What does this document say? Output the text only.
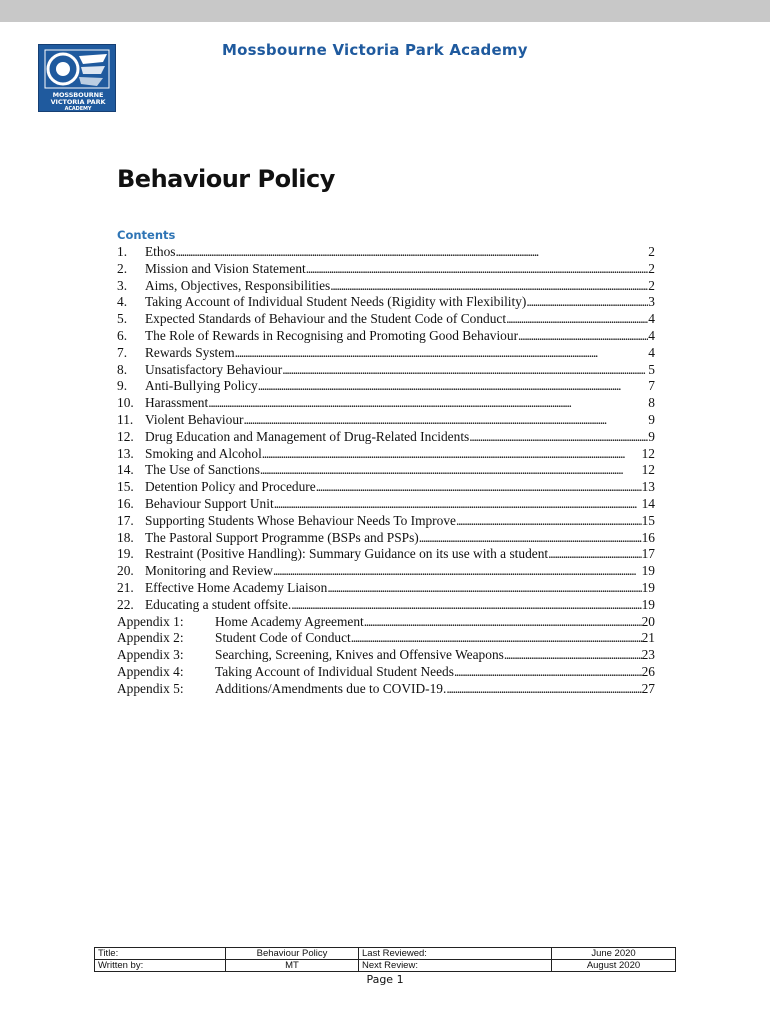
MOSSBOURNE
VICTORIA PARK
ACADEMY
Mossbourne Victoria Park Academy
Behaviour Policy
Contents
1.	Ethos . . .	2
2.	Mission and Vision Statement . . .	2
3.	Aims, Objectives, Responsibilities . . .	2
4.	Taking Account of Individual Student Needs (Rigidity with Flexibility) . . .	3
5.	Expected Standards of Behaviour and the Student Code of Conduct . . .	4
6.	The Role of Rewards in Recognising and Promoting Good Behaviour . . .	4
7.	Rewards System . . .	4
8.	Unsatisfactory Behaviour . . .	5
9.	Anti-Bullying Policy . . .	7
10. Harassment . . .	8
11. Violent Behaviour . . .	9
12. Drug Education and Management of Drug-Related Incidents . . .	9
13. Smoking and Alcohol . . .	12
14. The Use of Sanctions . . .	12
15. Detention Policy and Procedure . . .	13
16. Behaviour Support Unit . . .	14
17. Supporting Students Whose Behaviour Needs To Improve . . .	15
18. The Pastoral Support Programme (BSPs and PSPs) . . .	16
19. Restraint (Positive Handling): Summary Guidance on its use with a student . . .	17
20. Monitoring and Review . . .	19
21. Effective Home Academy Liaison . . .	19
22. Educating a student offsite. . . .	19
Appendix 1:	Home Academy Agreement . . .	20
Appendix 2:	Student Code of Conduct . . .	21
Appendix 3:	Searching, Screening, Knives and Offensive Weapons . . .	23
Appendix 4:	Taking Account of Individual Student Needs . . .	26
Appendix 5:	Additions/Amendments due to COVID-19. . . .	27
Title:	Behaviour Policy	Last Reviewed:	June 2020
Written by:	MT	Next Review:	August 2020
Page 1
